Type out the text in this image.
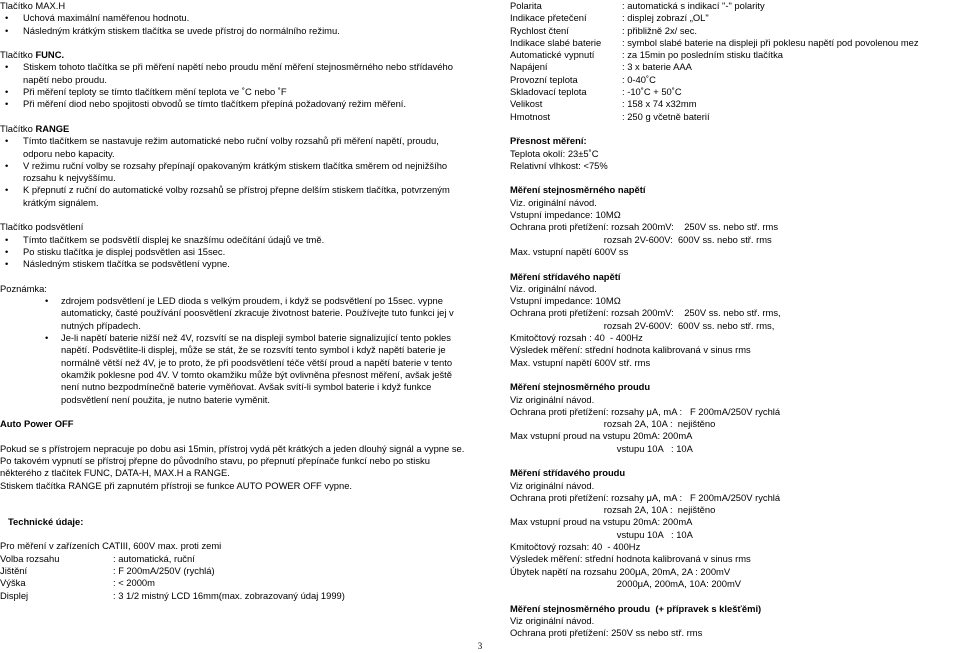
Tlačítko MAX.H

• Uchová maximální naměřenou hodnotu.
• Následným krátkým stiskem tlačítka se uvede přístroj do normálního režimu.

Tlačítko FUNC.

• Stiskem tohoto tlačítka se při měření napětí nebo proudu mění měření stejnosměrného nebo střídavého napětí nebo proudu.
• Při měření teploty se tímto tlačítkem mění teplota ve ˚C nebo ˚F
• Při měření diod nebo spojitosti obvodů se tímto tlačítkem přepíná požadovaný režim měření.

Tlačítko RANGE

• Tímto tlačítkem se nastavuje režim automatické nebo ruční volby rozsahů při měření napětí, proudu, odporu nebo kapacity.
• V režimu ruční volby se rozsahy přepínají opakovaným krátkým stiskem tlačítka směrem od nejnižšího rozsahu k nejvyššímu.
• K přepnutí z ruční do automatické volby rozsahů se přístroj přepne delším stiskem tlačítka, potvrzeným krátkým signálem.

Tlačítko podsvětlení

• Tímto tlačítkem se podsvětlí displej ke snazšímu odečítání údajů ve tmě.
• Po stisku tlačítka je displej podsvětlen asi 15sec.
• Následným stiskem tlačítka se podsvětlení vypne.

Poznámka:

• zdrojem podsvětlení je LED dioda s velkým proudem, i když se podsvětlení po 15sec. vypne automaticky, časté používání poosvětlení zkracuje životnost baterie. Používejte tuto funkci jej v nutných případech.
• Je-li napětí baterie nižší než 4V, rozsvítí se na displeji symbol baterie signalizující tento pokles napětí. Podsvětlite-li displej, může se stát, že se rozsvítí tento symbol i když napětí baterie je normálně větší než 4V, je to proto, že při poodsvětlení téče větší proud a napětí baterie v tento okamžik poklesne pod 4V. V tomto okamžiku může být ovlivněna přesnost měření, avšak ještě není nutno bezpodmínečně baterie vyměňovat. Avšak svítí-li symbol baterie i když funkce podsvětlení není použita, je nutno baterie vyměnit.

Auto Power OFF

Pokud se s přístrojem nepracuje po dobu asi 15min, přístroj vydá pět krátkých a jeden dlouhý signál a vypne se.
Po takovém vypnutí se přístroj přepne do původního stavu, po přepnutí přepínače funkcí nebo po stisku některého z tlačítek FUNC, DATA-H, MAX.H a RANGE.
Stiskem tlačítka RANGE při zapnutém přístroji se funkce AUTO POWER OFF vypne.

Technické údaje:

Pro měření v zařízeních CATIII, 600V max. proti zemi

Volba rozsahu	: automatická, ruční
Jištění	: F 200mA/250V (rychlá)
Výška	: < 2000m
Displej	: 3 1/2 mistný LCD 16mm(max. zobrazovaný údaj 1999)
Polarita	: automatická s indikací "-" polarity
Indikace přetečení	: displej zobrazí „OL"
Rychlost čtení	: přibližně 2x/ sec.
Indikace slabé baterie	: symbol slabé baterie na displeji při poklesu napětí pod povolenou mez
Automatické vypnutí	: za 15min po posledním stisku tlačítka
Napájení	: 3 x baterie AAA
Provozní teplota	: 0-40˚C
Skladovací teplota	: -10˚C + 50˚C
Velikost	: 158 x 74 x32mm
Hmotnost	: 250 g včetně baterií

Přesnost měření:

Teplota okolí: 23±5˚C
Relativní vlhkost: <75%

Měření stejnosměrného napětí

Viz. originální návod.
Vstupní impedance: 10MΩ
Ochrana proti přetížení: rozsah 200mV:    250V ss. nebo stř. rms
rozsah 2V-600V:  600V ss. nebo stř. rms
Max. vstupní napětí 600V ss

Měření střídavého napětí

Viz. originální návod.
Vstupní impedance: 10MΩ
Ochrana proti přetížení: rozsah 200mV:    250V ss. nebo stř. rms,
rozsah 2V-600V:  600V ss. nebo stř. rms,
Kmitočtový rozsah : 40  - 400Hz
Výsledek měření: střední hodnota kalibrovaná v sinus rms
Max. vstupní napětí 600V stř. rms

Měření stejnosměrného proudu

Viz originální návod.
Ochrana proti přetížení: rozsahy μA, mA :   F 200mA/250V rychlá
rozsah 2A, 10A :  nejištěno
Max vstupní proud na vstupu 20mA: 200mA
vstupu 10A   : 10A

Měření střídavého proudu

Viz originální návod.
Ochrana proti přetížení: rozsahy μA, mA :   F 200mA/250V rychlá
rozsah 2A, 10A :  nejištěno
Max vstupní proud na vstupu 20mA: 200mA
vstupu 10A   : 10A
Kmitočtový rozsah: 40  - 400Hz
Výsledek měření: střední hodnota kalibrovaná v sinus rms
Úbytek napětí na rozsahu 200μA, 20mA, 2A : 200mV
2000μA, 200mA, 10A: 200mV

Měření stejnosměrného proudu  (+ přípravek s klešťěmi)

Viz originální návod.
Ochrana proti přetížení: 250V ss nebo stř. rms

3
